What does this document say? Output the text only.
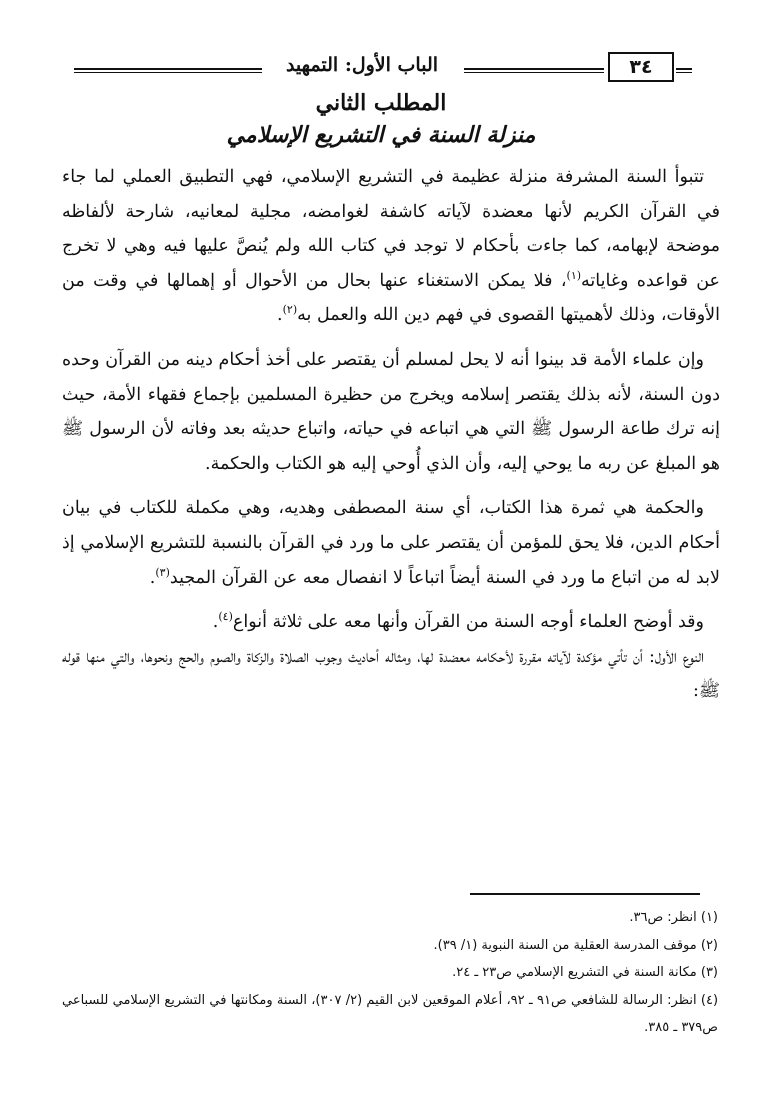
الباب الأول: التمهيد	٣٤
المطلب الثاني
منزلة السنة في التشريع الإسلامي

تتبوأ السنة المشرفة منزلة عظيمة في التشريع الإسلامي، فهي التطبيق العملي لما جاء في القرآن الكريم لأنها معضدة لآياته كاشفة لغوامضه، مجلية لمعانيه، شارحة لألفاظه موضحة لإبهامه، كما جاءت بأحكام لا توجد في كتاب الله ولم يُنصَّ عليها فيه وهي لا تخرج عن قواعده وغاياته$^{(١)}$، فلا يمكن الاستغناء عنها بحال من الأحوال أو إهمالها في وقت من الأوقات، وذلك لأهميتها القصوى في فهم دين الله والعمل به$^{(٢)}$.

وإن علماء الأمة قد بينوا أنه لا يحل لمسلم أن يقتصر على أخذ أحكام دينه من القرآن وحده دون السنة، لأنه بذلك يقتصر إسلامه ويخرج من حظيرة المسلمين بإجماع فقهاء الأمة، حيث إنه ترك طاعة الرسول ﷺ التي هي اتباعه في حياته، واتباع حديثه بعد وفاته لأن الرسول ﷺ هو المبلغ عن ربه ما يوحي إليه، وأن الذي أُوحي إليه هو الكتاب والحكمة.

والحكمة هي ثمرة هذا الكتاب، أي سنة المصطفى وهديه، وهي مكملة للكتاب في بيان أحكام الدين، فلا يحق للمؤمن أن يقتصر على ما ورد في القرآن بالنسبة للتشريع الإسلامي إذ لابد له من اتباع ما ورد في السنة أيضاً اتباعاً لا انفصال معه عن القرآن المجيد$^{(٣)}$.

وقد أوضح العلماء أوجه السنة من القرآن وأنها معه على ثلاثة أنواع$^{(٤)}$.

النوع الأول: أن تأتي مؤكدة لآياته مقررة لأحكامه معضدة لها، ومثاله أحاديث وجوب الصلاة والزكاة والصوم والحج ونحوها، والتي منها قوله ﷺ:

(١) انظر: ص٣٦.

(٢) موقف المدرسة العقلية من السنة النبوية (١/ ٣٩).

(٣) مكانة السنة في التشريع الإسلامي ص٢٣ ـ ٢٤.

(٤) انظر: الرسالة للشافعي ص٩١ ـ ٩٢، أعلام الموقعين لابن القيم (٢/ ٣٠٧)، السنة ومكانتها في التشريع الإسلامي للسباعي ص٣٧٩ ـ ٣٨٥.
